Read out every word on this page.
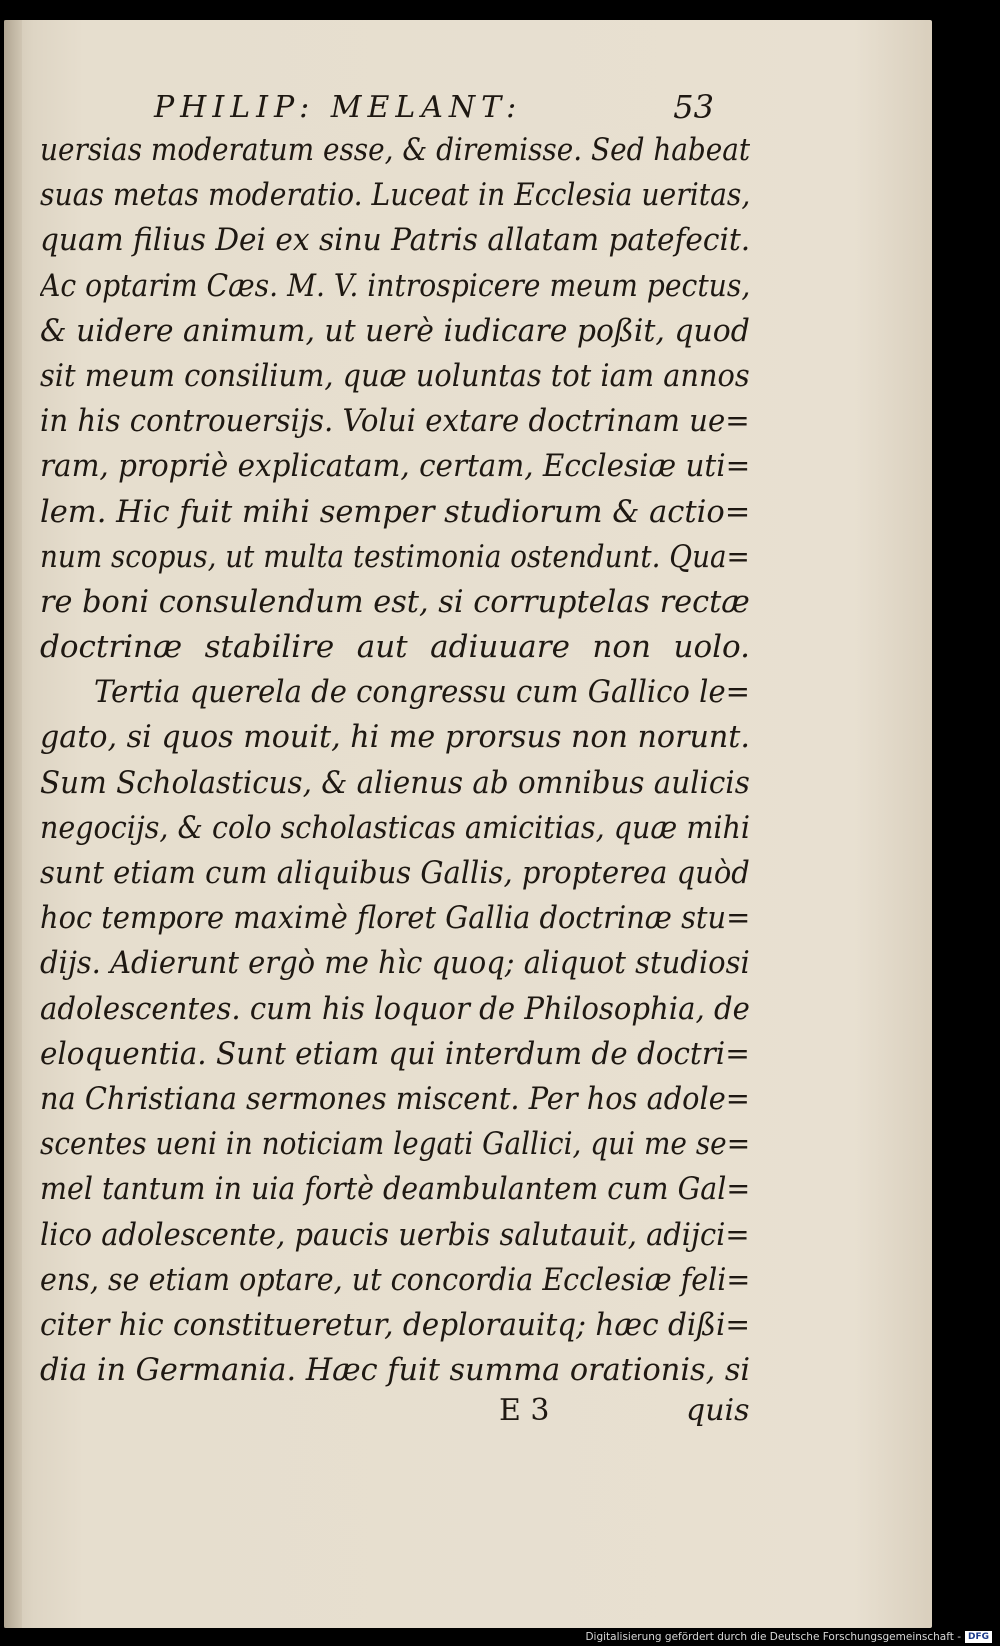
PHILIP: MELANT:	53
uersias moderatum esse, & diremisse. Sed habeat
suas metas moderatio. Luceat in Ecclesia ueritas,
quam filius Dei ex sinu Patris allatam patefecit.
Ac optarim Cæs. M. V. introspicere meum pectus,
& uidere animum, ut uerè iudicare poßit, quod
sit meum consilium, quæ uoluntas tot iam annos
in his controuersijs. Volui extare doctrinam ue=
ram, propriè explicatam, certam, Ecclesiæ uti=
lem. Hic fuit mihi semper studiorum & actio=
num scopus, ut multa testimonia ostendunt. Qua=
re boni consulendum est, si corruptelas rectæ
doctrinæ stabilire aut adiuuare non uolo.
Tertia querela de congressu cum Gallico le=
gato, si quos mouit, hi me prorsus non norunt.
Sum Scholasticus, & alienus ab omnibus aulicis
negocijs, & colo scholasticas amicitias, quæ mihi
sunt etiam cum aliquibus Gallis, propterea quòd
hoc tempore maximè floret Gallia doctrinæ stu=
dijs. Adierunt ergò me hìc quoq; aliquot studiosi
adolescentes. cum his loquor de Philosophia, de
eloquentia. Sunt etiam qui interdum de doctri=
na Christiana sermones miscent. Per hos adole=
scentes ueni in noticiam legati Gallici, qui me se=
mel tantum in uia fortè deambulantem cum Gal=
lico adolescente, paucis uerbis salutauit, adijci=
ens, se etiam optare, ut concordia Ecclesiæ feli=
citer hic constitueretur, deplorauitq; hæc dißi=
dia in Germania. Hæc fuit summa orationis, si
E 3	quis
Digitalisierung gefördert durch die Deutsche Forschungsgemeinschaft - DFG
